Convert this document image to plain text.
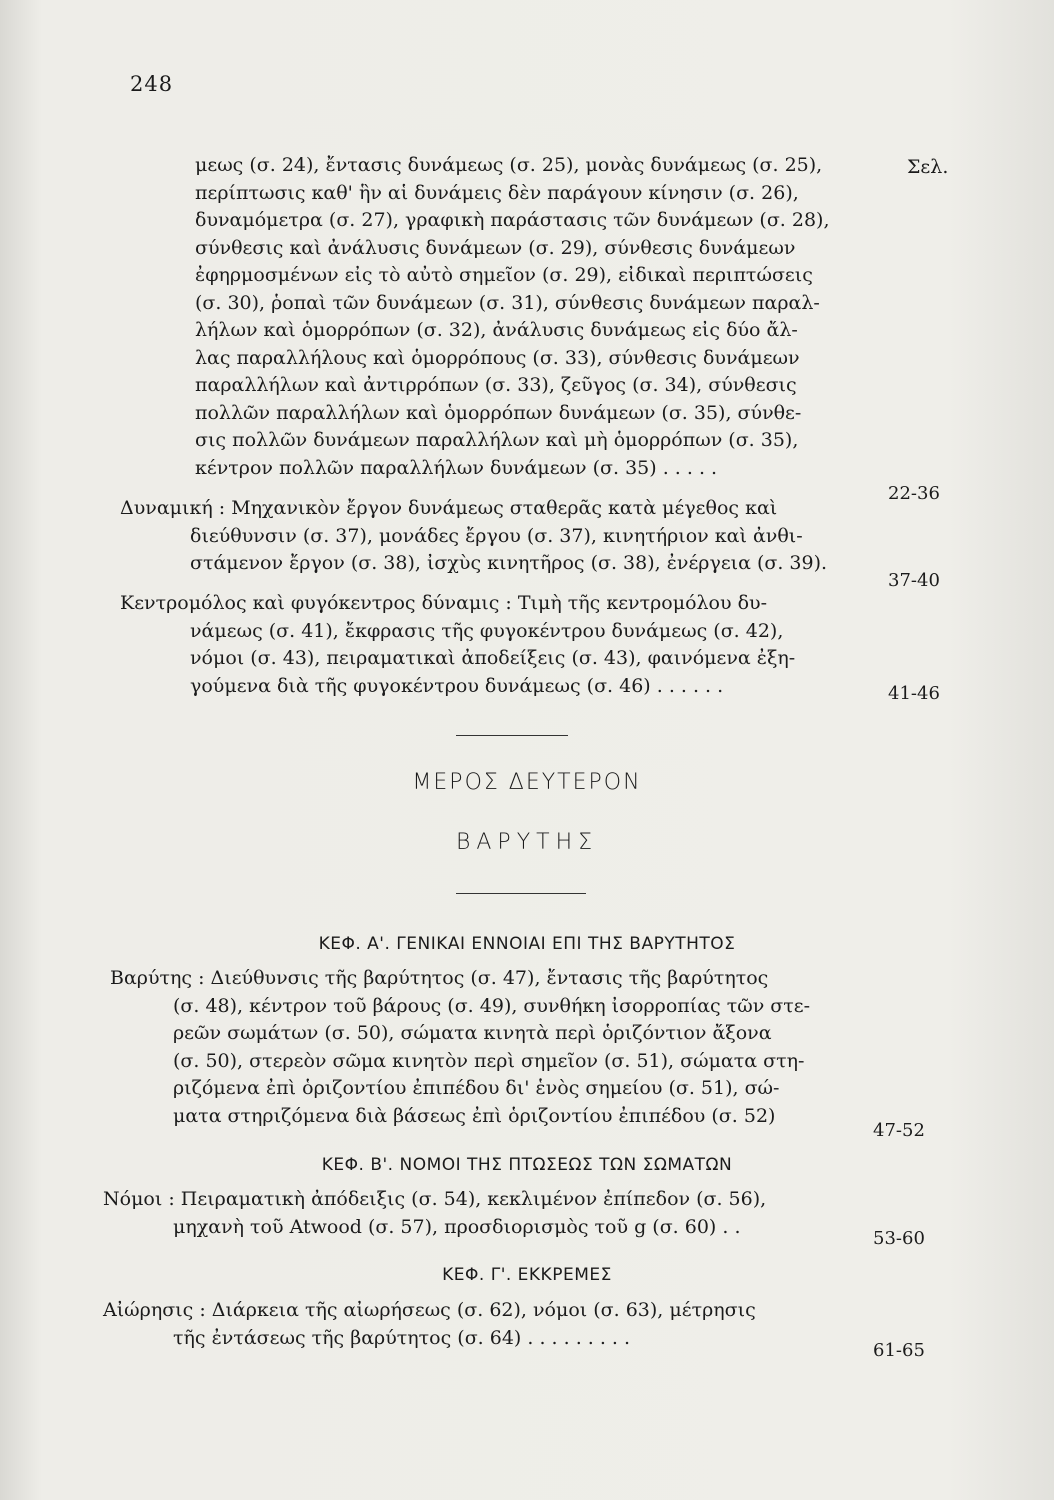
248
Σελ.
μεως (σ. 24), ἔντασις δυνάμεως (σ. 25), μονὰς δυνάμεως (σ. 25),
περίπτωσις καθ' ἣν αἱ δυνάμεις δὲν παράγουν κίνησιν (σ. 26),
δυναμόμετρα (σ. 27), γραφικὴ παράστασις τῶν δυνάμεων (σ. 28),
σύνθεσις καὶ ἀνάλυσις δυνάμεων (σ. 29), σύνθεσις δυνάμεων
ἐφηρμοσμένων εἰς τὸ αὐτὸ σημεῖον (σ. 29), εἰδικαὶ περιπτώσεις
(σ. 30), ῥοπαὶ τῶν δυνάμεων (σ. 31), σύνθεσις δυνάμεων παραλ-
λήλων καὶ ὁμορρόπων (σ. 32), ἀνάλυσις δυνάμεως εἰς δύο ἄλ-
λας παραλλήλους καὶ ὁμορρόπους (σ. 33), σύνθεσις δυνάμεων
παραλλήλων καὶ ἀντιρρόπων (σ. 33), ζεῦγος (σ. 34), σύνθεσις
πολλῶν παραλλήλων καὶ ὁμορρόπων δυνάμεων (σ. 35), σύνθε-
σις πολλῶν δυνάμεων παραλλήλων καὶ μὴ ὁμορρόπων (σ. 35),
κέντρον πολλῶν παραλλήλων δυνάμεων (σ. 35) . . . . .
22-36
Δυναμική : Μηχανικὸν ἔργον δυνάμεως σταθερᾶς κατὰ μέγεθος καὶ
διεύθυνσιν (σ. 37), μονάδες ἔργου (σ. 37), κινητήριον καὶ ἀνθι-
στάμενον ἔργον (σ. 38), ἰσχὺς κινητῆρος (σ. 38), ἐνέργεια (σ. 39).
37-40
Κεντρομόλος καὶ φυγόκεντρος δύναμις : Τιμὴ τῆς κεντρομόλου δυ-
νάμεως (σ. 41), ἔκφρασις τῆς φυγοκέντρου δυνάμεως (σ. 42),
νόμοι (σ. 43), πειραματικαὶ ἀποδείξεις (σ. 43), φαινόμενα ἐξη-
γούμενα διὰ τῆς φυγοκέντρου δυνάμεως (σ. 46) . . . . . .	41-46
ΜΕΡΟΣ ΔΕΥΤΕΡΟΝ
ΒΑΡΥΤΗΣ
ΚΕΦ. Α'. ΓΕΝΙΚΑΙ ΕΝΝΟΙΑΙ ΕΠΙ ΤΗΣ ΒΑΡΥΤΗΤΟΣ
Βαρύτης : Διεύθυνσις τῆς βαρύτητος (σ. 47), ἔντασις τῆς βαρύτητος
(σ. 48), κέντρον τοῦ βάρους (σ. 49), συνθήκη ἰσορροπίας τῶν στε-
ρεῶν σωμάτων (σ. 50), σώματα κινητὰ περὶ ὁριζόντιον ἄξονα
(σ. 50), στερεὸν σῶμα κινητὸν περὶ σημεῖον (σ. 51), σώματα στη-
ριζόμενα ἐπὶ ὁριζοντίου ἐπιπέδου δι' ἑνὸς σημείου (σ. 51), σώ-
ματα στηριζόμενα διὰ βάσεως ἐπὶ ὁριζοντίου ἐπιπέδου (σ. 52)
47-52
ΚΕΦ. Β'. ΝΟΜΟΙ ΤΗΣ ΠΤΩΣΕΩΣ ΤΩΝ ΣΩΜΑΤΩΝ
Νόμοι : Πειραματικὴ ἀπόδειξις (σ. 54), κεκλιμένον ἐπίπεδον (σ. 56),
μηχανὴ τοῦ Atwood (σ. 57), προσδιορισμὸς τοῦ g (σ. 60) . .
53-60
ΚΕΦ. Γ'. ΕΚΚΡΕΜΕΣ
Αἰώρησις : Διάρκεια τῆς αἰωρήσεως (σ. 62), νόμοι (σ. 63), μέτρησις
τῆς ἐντάσεως τῆς βαρύτητος (σ. 64) . . . . . . . . .
61-65
